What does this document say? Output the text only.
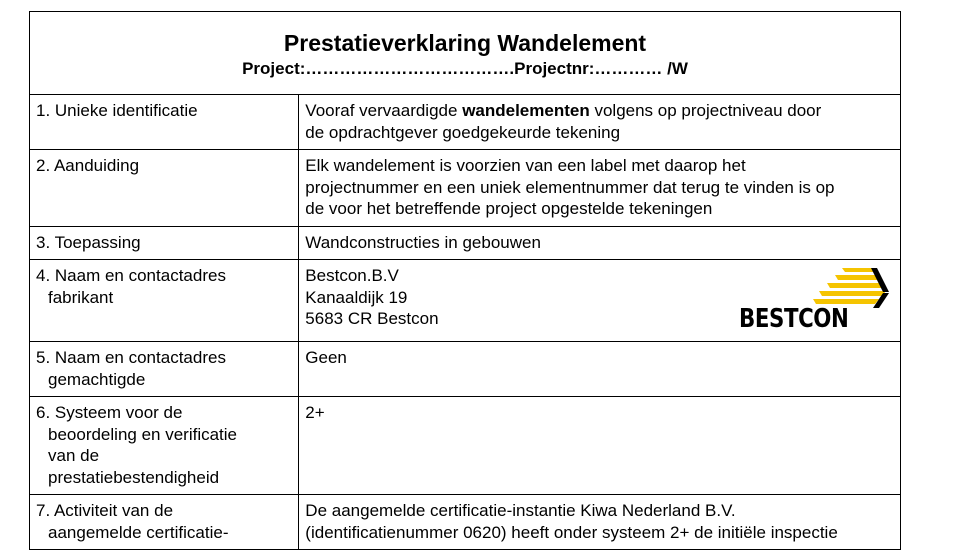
Prestatieverklaring Wandelement
Project:……………………………….Projectnr:………… /W	

1. Unieke identificatie	Vooraf vervaardigde wandelementen volgens op projectniveau door
de opdrachtgever goedgekeurde tekening

2. Aanduiding	Elk wandelement is voorzien van een label met daarop het
projectnummer en een uniek elementnummer dat terug te vinden is op
de voor het betreffende project opgestelde tekeningen

3. Toepassing	Wandconstructies in gebouwen

4. Naam en contactadres
fabrikant	Bestcon.B.V
Kanaaldijk 19
5683 CR Bestcon BESTCON

5. Naam en contactadres
gemachtigde	Geen

6. Systeem voor de
beoordeling en verificatie
van de
prestatiebestendigheid	2+

7. Activiteit van de
aangemelde certificatie-	De aangemelde certificatie-instantie Kiwa Nederland B.V.
(identificatienummer 0620) heeft onder systeem 2+ de initiële inspectie
